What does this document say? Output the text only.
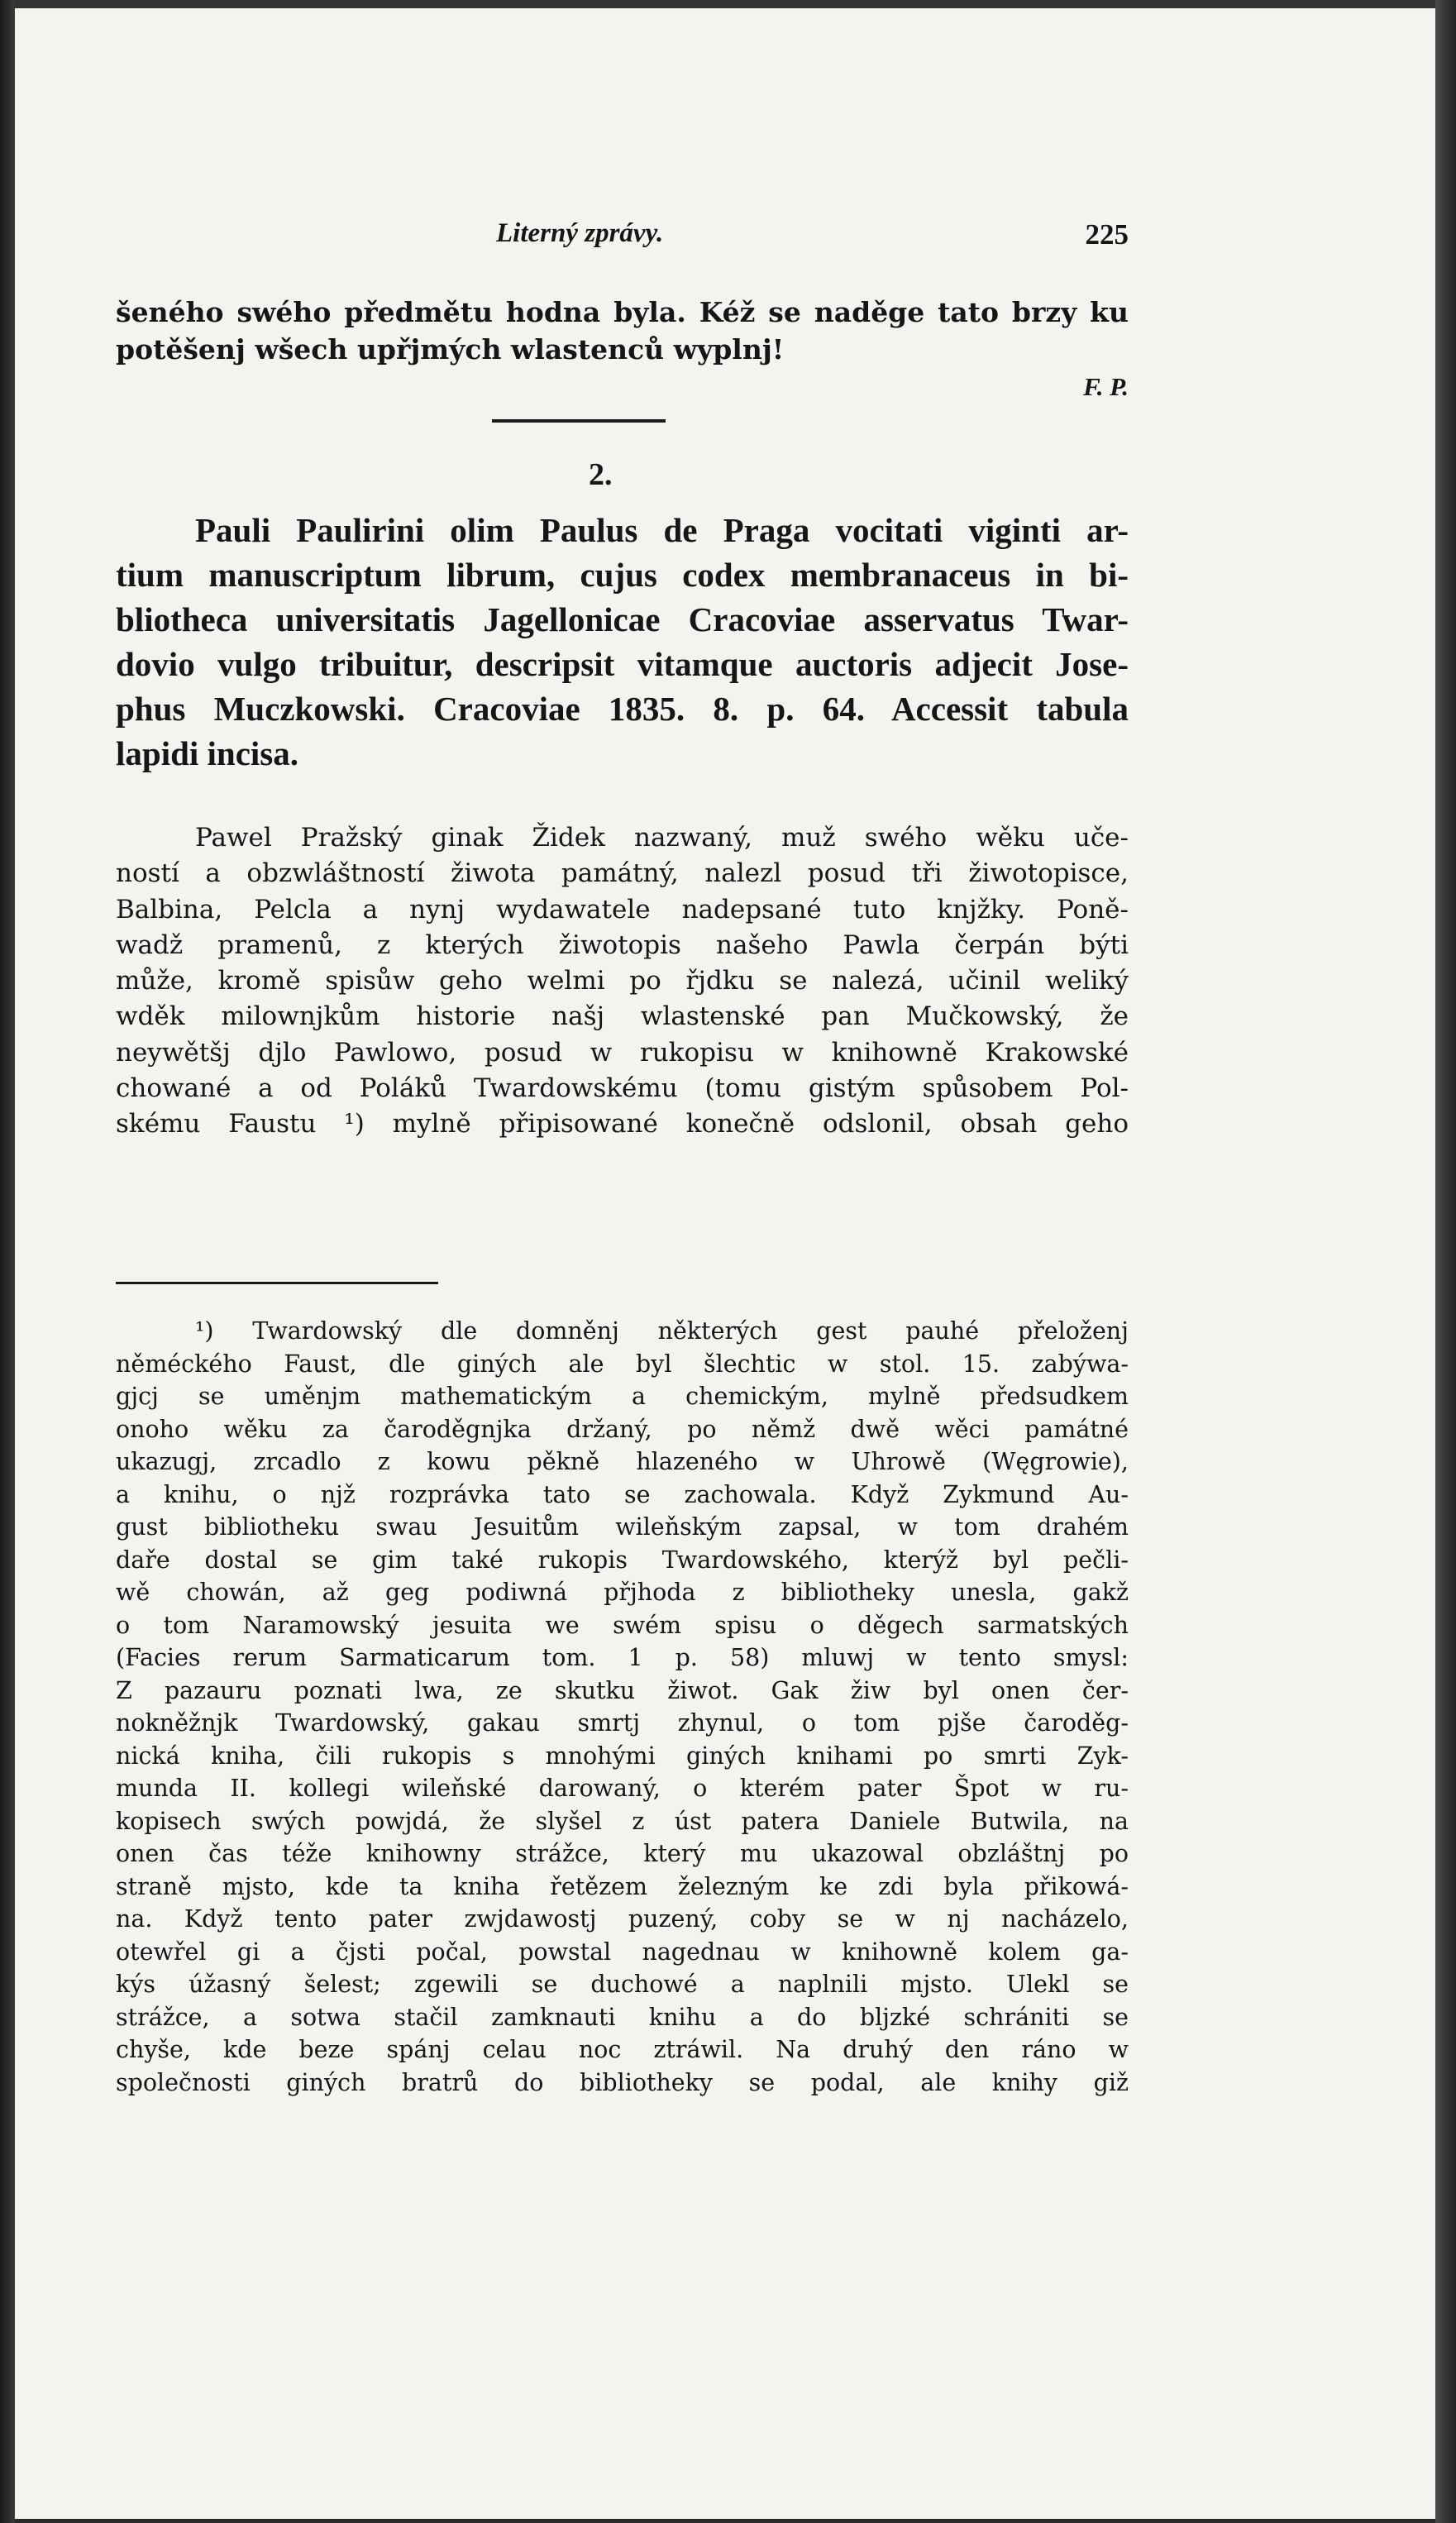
Literný zprávy.	225
šeného swého předmětu hodna byla. Kéž se naděge tato brzy ku
potěšenj wšech upřjmých wlastenců wyplnj!
F. P.
2.
Pauli Paulirini olim Paulus de Praga vocitati viginti ar-
tium manuscriptum librum, cujus codex membranaceus in bi-
bliotheca universitatis Jagellonicae Cracoviae asservatus Twar-
dovio vulgo tribuitur, descripsit vitamque auctoris adjecit Jose-
phus Muczkowski. Cracoviae 1835. 8. p. 64. Accessit tabula
lapidi incisa.
Pawel Pražský ginak Židek nazwaný, muž swého wěku uče-
ností a obzwláštností žiwota památný, nalezl posud tři žiwotopisce,
Balbina, Pelcla a nynj wydawatele nadepsané tuto knjžky. Poně-
wadž pramenů, z kterých žiwotopis našeho Pawla čerpán býti
může, kromě spisůw geho welmi po řjdku se nalezá, učinil weliký
wděk milownjkům historie našj wlastenské pan Mučkowský, že
neywětšj djlo Pawlowo, posud w rukopisu w knihowně Krakowské
chowané a od Poláků Twardowskému (tomu gistým spůsobem Pol-
skému Faustu ¹) mylně připisowané konečně odslonil, obsah geho
¹) Twardowský dle domněnj některých gest pauhé přeloženj
něméckého Faust, dle giných ale byl šlechtic w stol. 15. zabýwa-
gjcj se uměnjm mathematickým a chemickým, mylně předsudkem
onoho wěku za čaroděgnjka držaný, po němž dwě wěci památné
ukazugj, zrcadlo z kowu pěkně hlazeného w Uhrowě (Węgrowie),
a knihu, o njž rozprávka tato se zachowala. Když Zykmund Au-
gust bibliotheku swau Jesuitům wileňským zapsal, w tom drahém
daře dostal se gim také rukopis Twardowského, kterýž byl pečli-
wě chowán, až geg podiwná přjhoda z bibliotheky unesla, gakž
o tom Naramowský jesuita we swém spisu o děgech sarmatských
(Facies rerum Sarmaticarum tom. 1 p. 58) mluwj w tento smysl:
Z pazauru poznati lwa, ze skutku žiwot. Gak žiw byl onen čer-
nokněžnjk Twardowský, gakau smrtj zhynul, o tom pjše čaroděg-
nická kniha, čili rukopis s mnohými giných knihami po smrti Zyk-
munda II. kollegi wileňské darowaný, o kterém pater Špot w ru-
kopisech swých powjdá, že slyšel z úst patera Daniele Butwila, na
onen čas téže knihowny strážce, který mu ukazowal obzláštnj po
straně mjsto, kde ta kniha řetězem železným ke zdi byla přikowá-
na. Když tento pater zwjdawostj puzený, coby se w nj nacházelo,
otewřel gi a čjsti počal, powstal nagednau w knihowně kolem ga-
kýs úžasný šelest; zgewili se duchowé a naplnili mjsto. Ulekl se
strážce, a sotwa stačil zamknauti knihu a do bljzké schrániti se
chyše, kde beze spánj celau noc ztráwil. Na druhý den ráno w
společnosti giných bratrů do bibliotheky se podal, ale knihy giž
